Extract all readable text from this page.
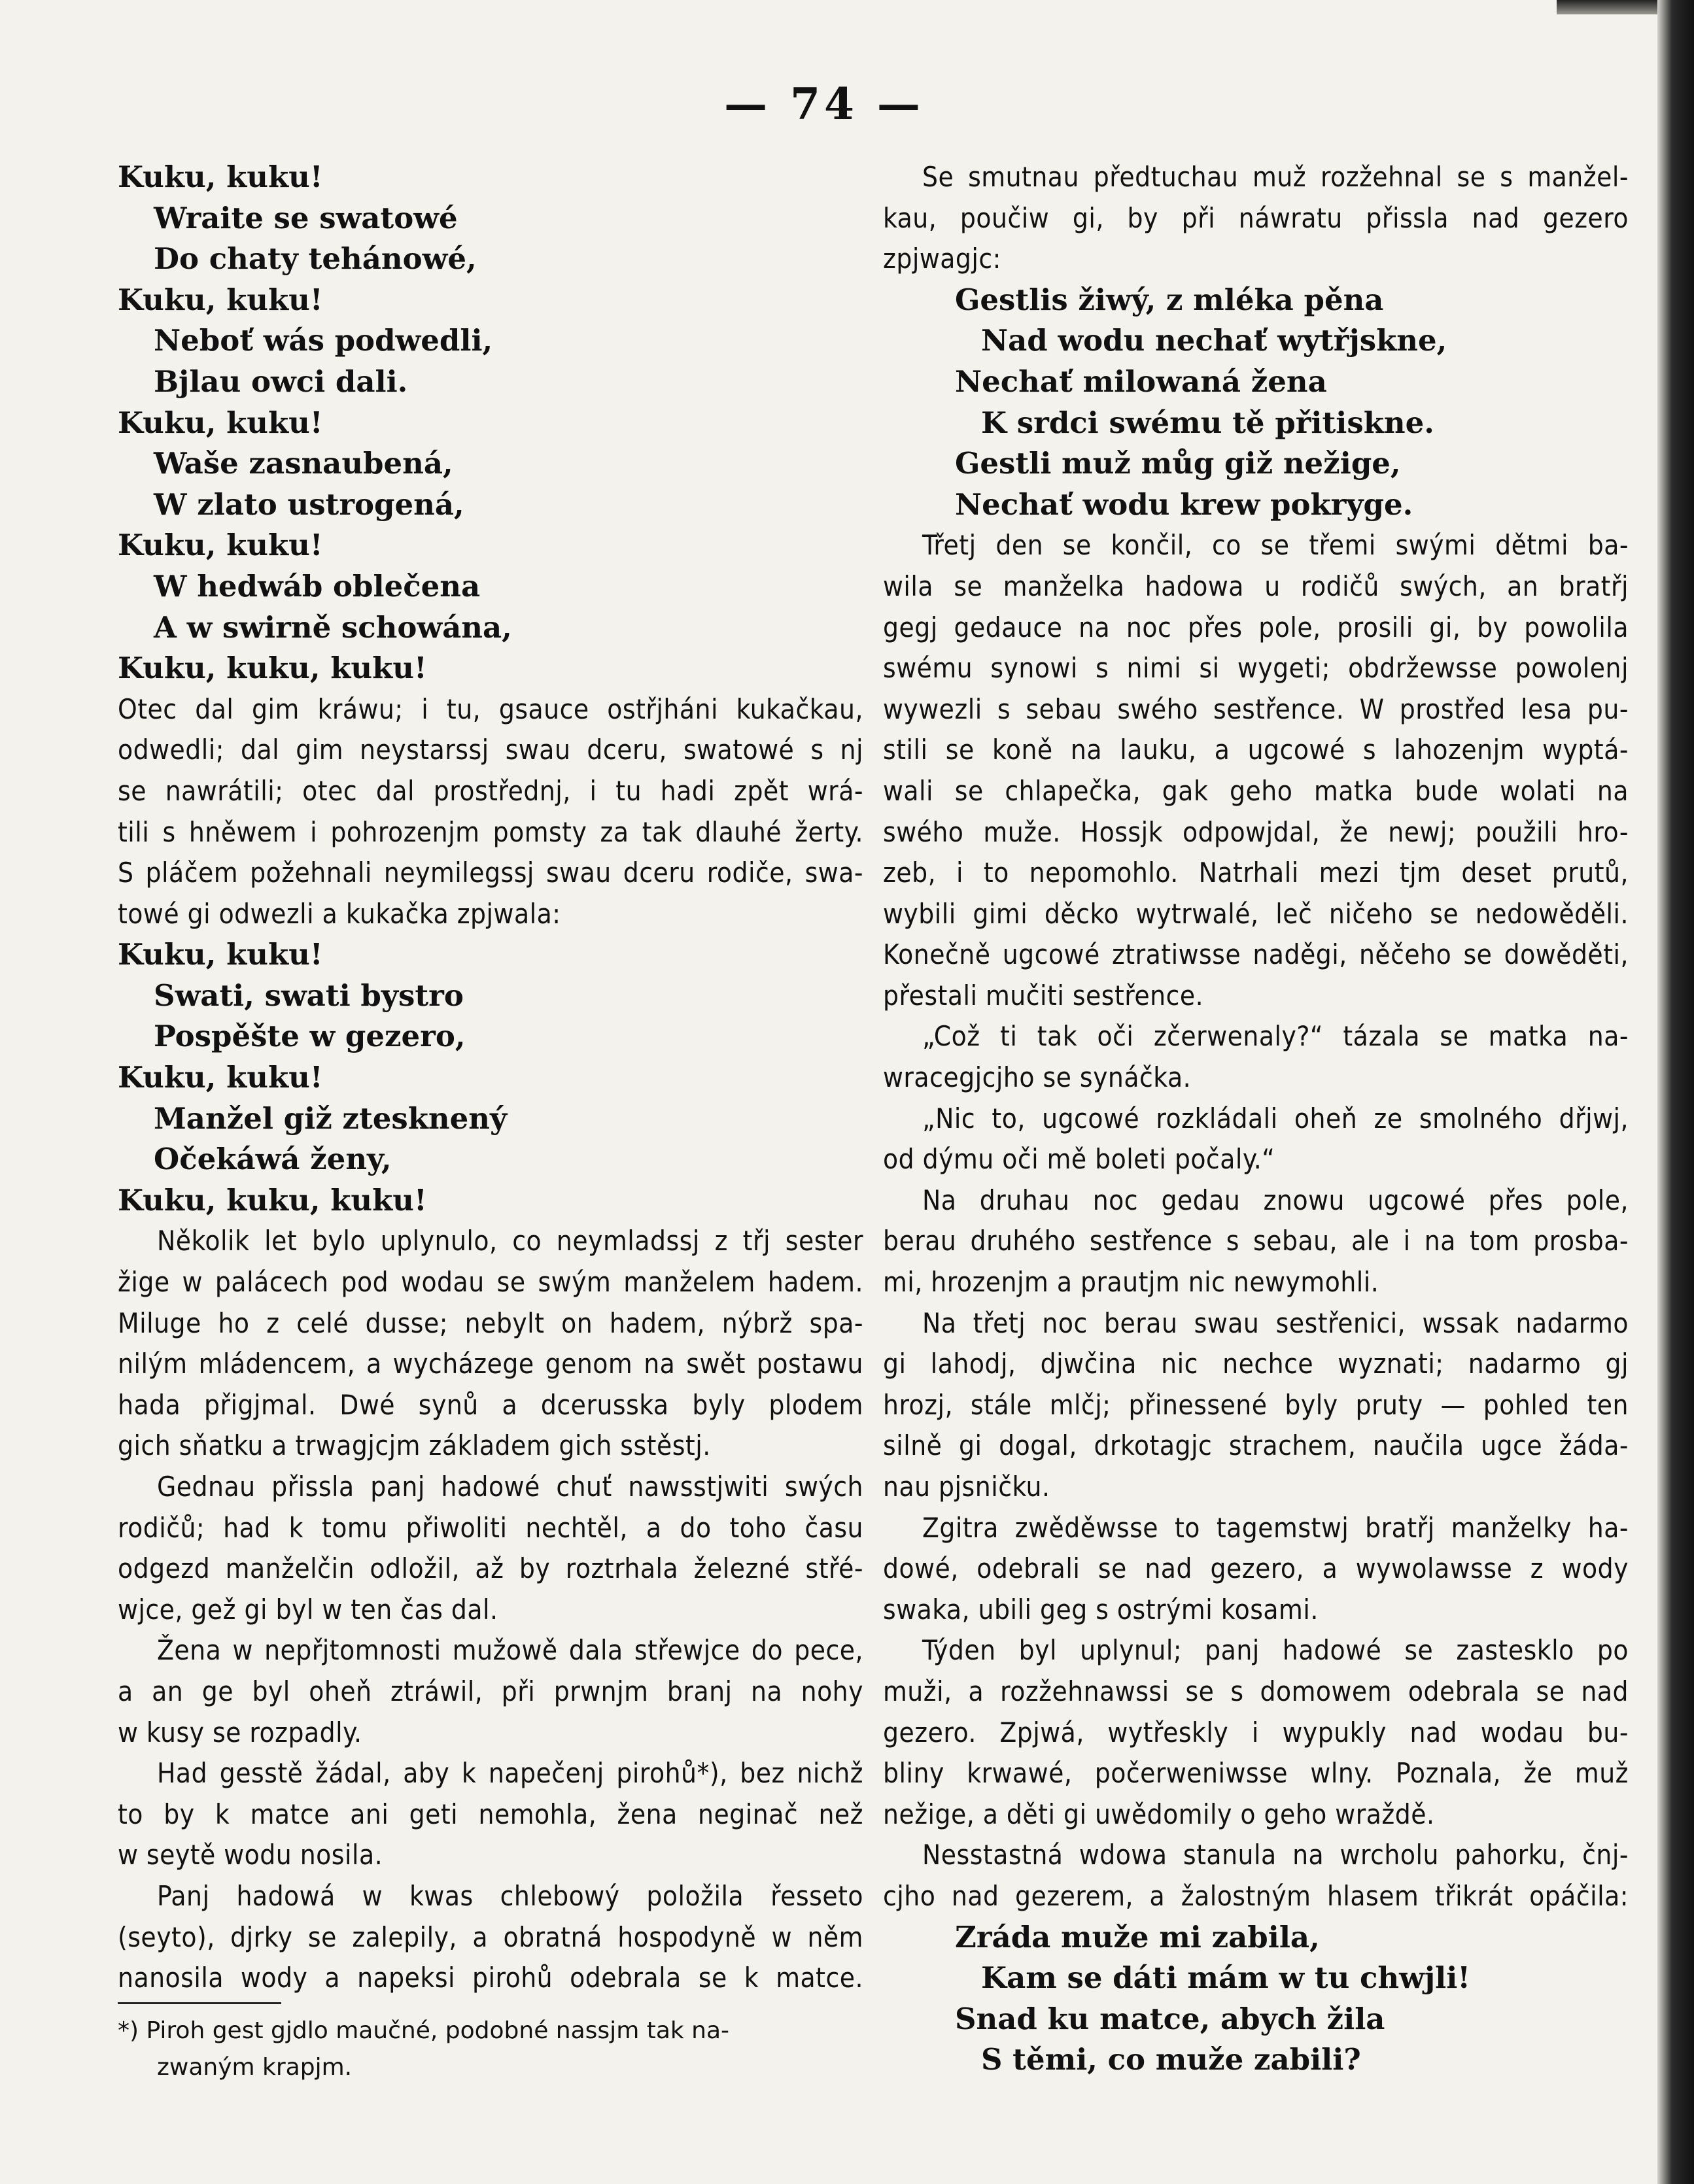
— 74 —
Kuku, kuku!
Wraite se swatowé
Do chaty tehánowé,
Kuku, kuku!
Neboť wás podwedli,
Bjlau owci dali.
Kuku, kuku!
Waše zasnaubená,
W zlato ustrogená,
Kuku, kuku!
W hedwáb oblečena
A w swirně schowána,
Kuku, kuku, kuku!
Otec dal gim kráwu; i tu, gsauce ostřjháni kukačkau,
odwedli; dal gim neystarssj swau dceru, swatowé s nj
se nawrátili; otec dal prostřednj, i tu hadi zpět wrá-
tili s hněwem i pohrozenjm pomsty za tak dlauhé žerty.
S pláčem požehnali neymilegssj swau dceru rodiče, swa-
towé gi odwezli a kukačka zpjwala:
Kuku, kuku!
Swati, swati bystro
Pospěšte w gezero,
Kuku, kuku!
Manžel giž ztesknený
Očekáwá ženy,
Kuku, kuku, kuku!
Několik let bylo uplynulo, co neymladssj z třj sester
žige w palácech pod wodau se swým manželem hadem.
Miluge ho z celé dusse; nebylt on hadem, nýbrž spa-
nilým mládencem, a wycházege genom na swět postawu
hada přigjmal. Dwé synů a dcerusska byly plodem
gich sňatku a trwagjcjm základem gich sstěstj.
Gednau přissla panj hadowé chuť nawsstjwiti swých
rodičů; had k tomu přiwoliti nechtěl, a do toho času
odgezd manželčin odložil, až by roztrhala železné střé-
wjce, gež gi byl w ten čas dal.
Žena w nepřjtomnosti mužowě dala střewjce do pece,
a an ge byl oheň ztráwil, při prwnjm branj na nohy
w kusy se rozpadly.
Had gesstě žádal, aby k napečenj pirohů*), bez nichž
to by k matce ani geti nemohla, žena neginač než
w seytě wodu nosila.
Panj hadowá w kwas chlebowý položila řesseto
(seyto), djrky se zalepily, a obratná hospodyně w něm
nanosila wody a napeksi pirohů odebrala se k matce.
Se smutnau předtuchau muž rozžehnal se s manžel-
kau, poučiw gi, by při náwratu přissla nad gezero
zpjwagjc:
Gestlis žiwý, z mléka pěna
Nad wodu nechať wytřjskne,
Nechať milowaná žena
K srdci swému tě přitiskne.
Gestli muž můg giž nežige,
Nechať wodu krew pokryge.
Třetj den se končil, co se třemi swými dětmi ba-
wila se manželka hadowa u rodičů swých, an bratřj
gegj gedauce na noc přes pole, prosili gi, by powolila
swému synowi s nimi si wygeti; obdržewsse powolenj
wywezli s sebau swého sestřence. W prostřed lesa pu-
stili se koně na lauku, a ugcowé s lahozenjm wyptá-
wali se chlapečka, gak geho matka bude wolati na
swého muže. Hossjk odpowjdal, že newj; použili hro-
zeb, i to nepomohlo. Natrhali mezi tjm deset prutů,
wybili gimi děcko wytrwalé, leč ničeho se nedowěděli.
Konečně ugcowé ztratiwsse naděgi, něčeho se dowěděti,
přestali mučiti sestřence.
„Což ti tak oči zčerwenaly?“ tázala se matka na-
wracegjcjho se synáčka.
„Nic to, ugcowé rozkládali oheň ze smolného dřjwj,
od dýmu oči mě boleti počaly.“
Na druhau noc gedau znowu ugcowé přes pole,
berau druhého sestřence s sebau, ale i na tom prosba-
mi, hrozenjm a prautjm nic newymohli.
Na třetj noc berau swau sestřenici, wssak nadarmo
gi lahodj, djwčina nic nechce wyznati; nadarmo gj
hrozj, stále mlčj; přinessené byly pruty — pohled ten
silně gi dogal, drkotagjc strachem, naučila ugce žáda-
nau pjsničku.
Zgitra zwěděwsse to tagemstwj bratřj manželky ha-
dowé, odebrali se nad gezero, a wywolawsse z wody
swaka, ubili geg s ostrými kosami.
Týden byl uplynul; panj hadowé se zastesklo po
muži, a rozžehnawssi se s domowem odebrala se nad
gezero. Zpjwá, wytřeskly i wypukly nad wodau bu-
bliny krwawé, počerweniwsse wlny. Poznala, že muž
nežige, a děti gi uwědomily o geho wraždě.
Nesstastná wdowa stanula na wrcholu pahorku, čnj-
cjho nad gezerem, a žalostným hlasem třikrát opáčila:
Zráda muže mi zabila,
Kam se dáti mám w tu chwjli!
Snad ku matce, abych žila
S těmi, co muže zabili?
*) Piroh gest gjdlo maučné, podobné nassjm tak na-
zwaným krapjm.
